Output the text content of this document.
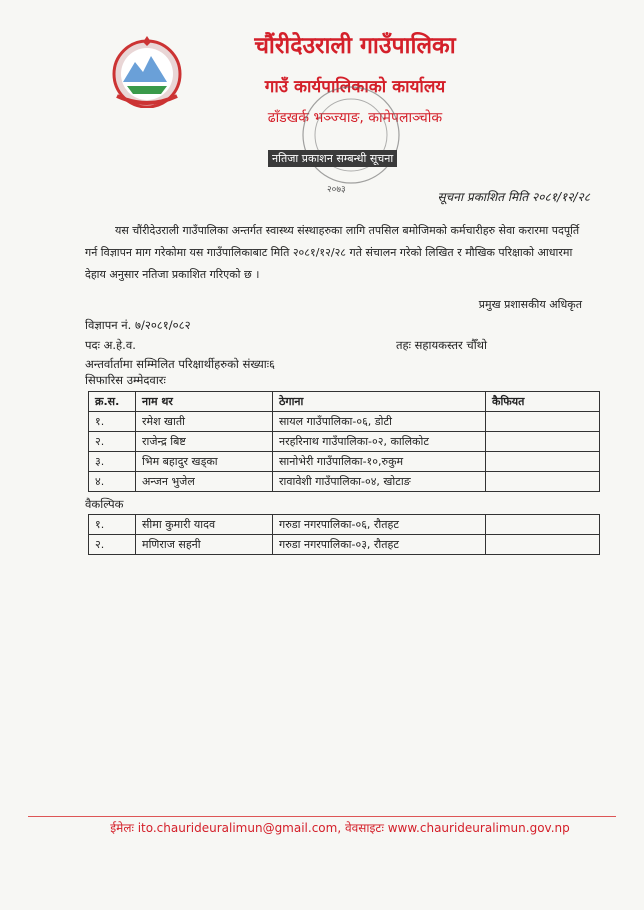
चौंरीदेउराली गाउँपालिका
गाउँ कार्यपालिकाको कार्यालय
ढाँडखर्क भञ्ज्याङ, कामेपलाञ्चोक
नतिजा प्रकाशन सम्बन्धी सूचना
२०७३	सूचना प्रकाशित मिति २०८१/१२/२८
यस चौंरीदेउराली गाउँपालिका अन्तर्गत स्वास्थ्य संस्थाहरुका लागि तपसिल बमोजिमको कर्मचारीहरु सेवा करारमा पदपूर्ति गर्न विज्ञापन माग गरेकोमा यस गाउँपालिकाबाट मिति २०८१/१२/२८ गते संचालन गरेको लिखित र मौखिक परिक्षाको आधारमा देहाय अनुसार नतिजा प्रकाशित गरिएको छ ।
प्रमुख प्रशासकीय अधिकृत
विज्ञापन नं. ७/२०८१/०८२
पदः अ.हे.व.	तहः सहायकस्तर चौँथो
अन्तर्वार्तामा सम्मिलित परिक्षार्थीहरुको संख्याः६
सिफारिस उम्मेदवारः
क्र.स.	नाम थर	ठेगाना	कैफियत
१.	रमेश खाती	सायल गाउँपालिका-०६, डोटी	
२.	राजेन्द्र बिष्ट	नरहरिनाथ गाउँपालिका-०२, कालिकोट	
३.	भिम बहादुर खड्का	सानोभेरी गाउँपालिका-१०,रुकुम	
४.	अन्जन भुजेल	रावावेशी गाउँपालिका-०४, खोटाङ	
वैकल्पिक
१.	सीमा कुमारी यादव	गरुडा नगरपालिका-०६, रौतहट	
२.	मणिराज सहनी	गरुडा नगरपालिका-०३, रौतहट	
ईमेलः ito.chaurideuralimun@gmail.com, वेवसाइटः www.chaurideuralimun.gov.np
